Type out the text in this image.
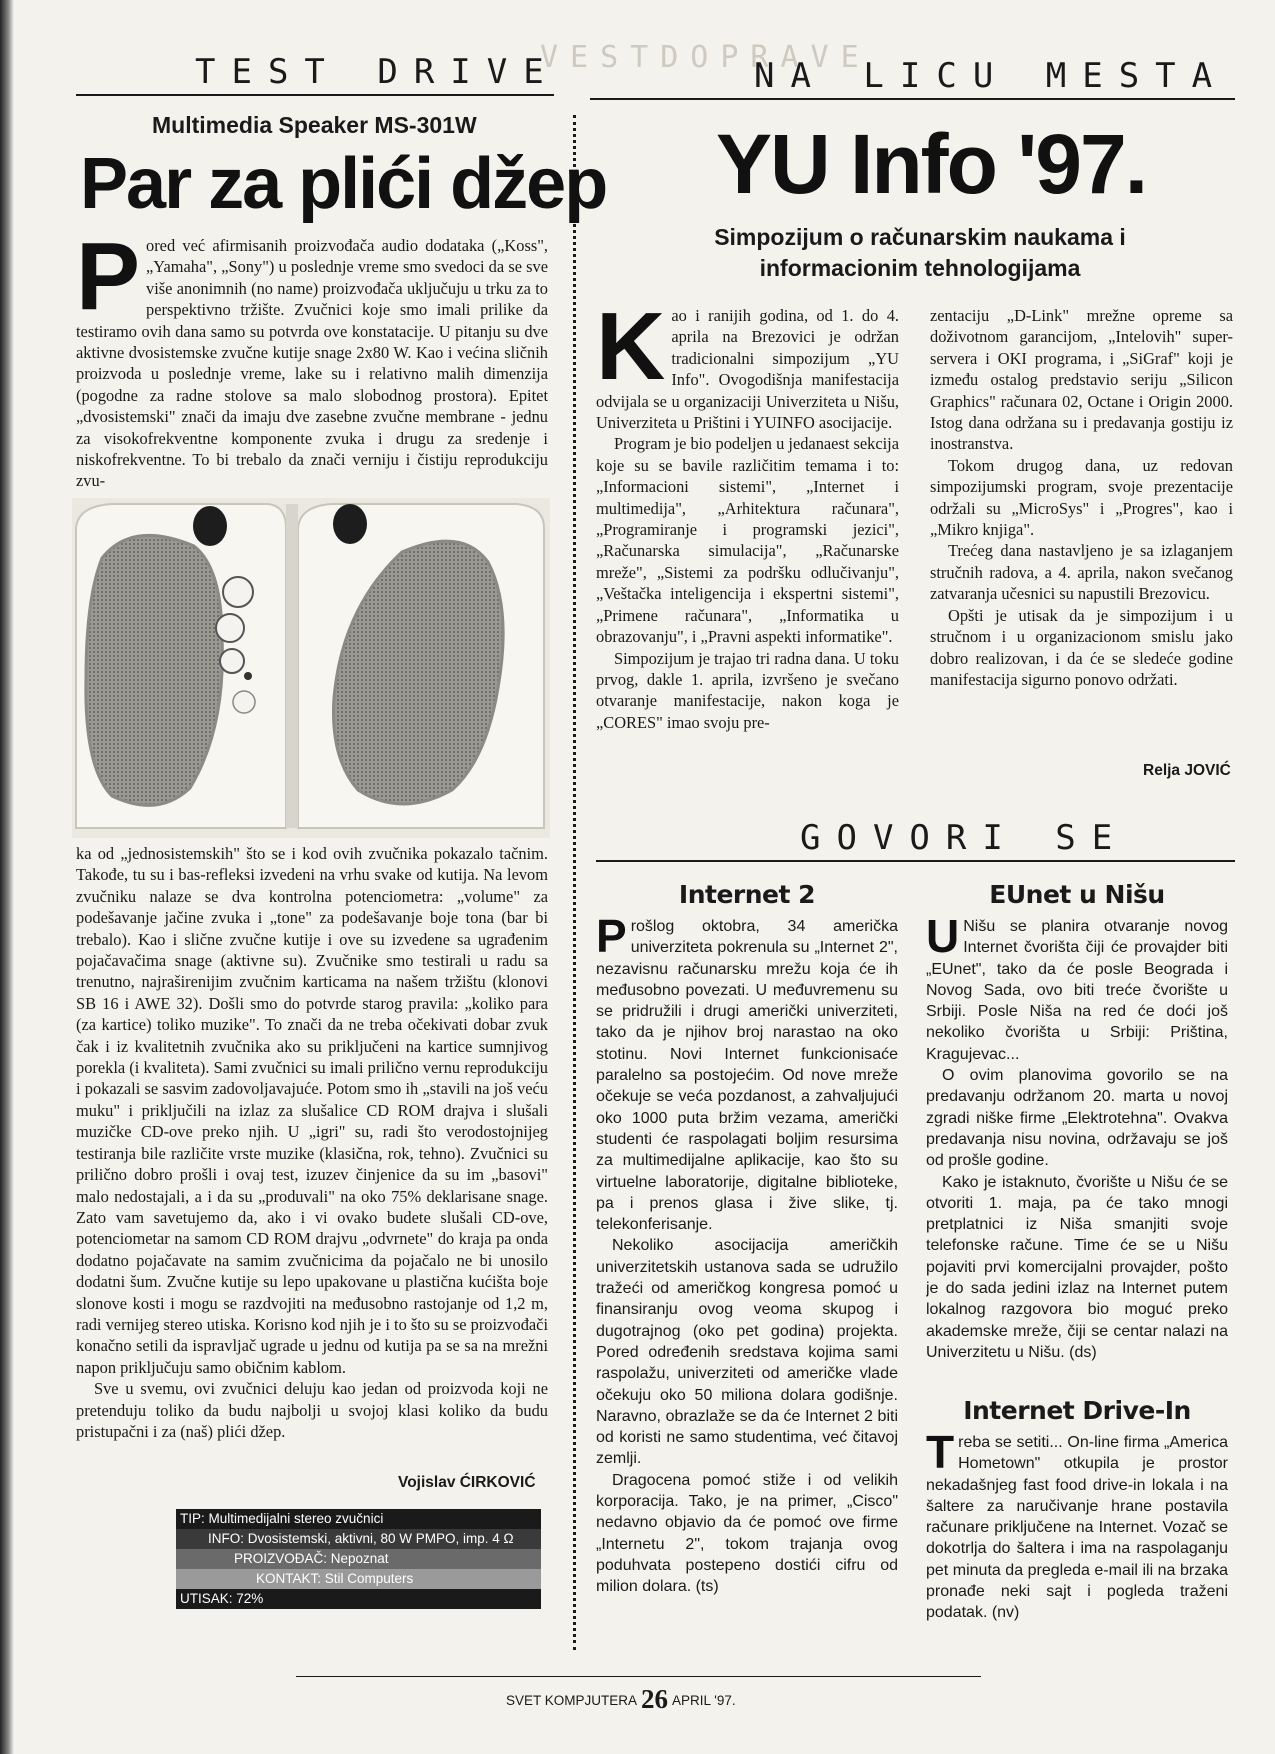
VESTDOPRAVE
TEST DRIVE	NA LICU MESTA
Multimedia Speaker MS-301W
Par za plići džep

Pored već afirmisanih proizvođača audio dodataka („Koss", „Yamaha", „Sony") u poslednje vreme smo svedoci da se sve više anonimnih (no name) proizvođača uključuju u trku za to perspektivno tržište. Zvučnici koje smo imali prilike da testiramo ovih dana samo su potvrda ove konstatacije. U pitanju su dve aktivne dvosistemske zvučne kutije snage 2x80 W. Kao i većina sličnih proizvoda u poslednje vreme, lake su i relativno malih dimenzija (pogodne za radne stolove sa malo slobodnog prostora). Epitet „dvosistemski" znači da imaju dve zasebne zvučne membrane - jednu za visokofrekventne komponente zvuka i drugu za sredenje i niskofrekventne. To bi trebalo da znači verniju i čistiju reprodukciju zvu-

ka od „jednosistemskih" što se i kod ovih zvučnika pokazalo tačnim. Takođe, tu su i bas-refleksi izvedeni na vrhu svake od kutija. Na levom zvučniku nalaze se dva kontrolna potenciometra: „volume" za podešavanje jačine zvuka i „tone" za podešavanje boje tona (bar bi trebalo). Kao i slične zvučne kutije i ove su izvedene sa ugrađenim pojačavačima snage (aktivne su). Zvučnike smo testirali u radu sa trenutno, najraširenijim zvučnim karticama na našem tržištu (klonovi SB 16 i AWE 32). Došli smo do potvrde starog pravila: „koliko para (za kartice) toliko muzike". To znači da ne treba očekivati dobar zvuk čak i iz kvalitetnih zvučnika ako su priključeni na kartice sumnjivog porekla (i kvaliteta). Sami zvučnici su imali prilično vernu reprodukciju i pokazali se sasvim zadovoljavajuće. Potom smo ih „stavili na još veću muku" i priključili na izlaz za slušalice CD ROM drajva i slušali muzičke CD-ove preko njih. U „igri" su, radi što verodostojnijeg testiranja bile različite vrste muzike (klasična, rok, tehno). Zvučnici su prilično dobro prošli i ovaj test, izuzev činjenice da su im „basovi" malo nedostajali, a i da su „produvali" na oko 75% deklarisane snage. Zato vam savetujemo da, ako i vi ovako budete slušali CD-ove, potenciometar na samom CD ROM drajvu „odvrnete" do kraja pa onda dodatno pojačavate na samim zvučnicima da pojačalo ne bi unosilo dodatni šum. Zvučne kutije su lepo upakovane u plastična kućišta boje slonove kosti i mogu se razdvojiti na međusobno rastojanje od 1,2 m, radi vernijeg stereo utiska. Korisno kod njih je i to što su se proizvođači konačno setili da ispravljač ugrade u jednu od kutija pa se sa na mrežni napon priključuju samo običnim kablom.

Sve u svemu, ovi zvučnici deluju kao jedan od proizvoda koji ne pretenduju toliko da budu najbolji u svojoj klasi koliko da budu pristupačni i za (naš) plići džep.

Vojislav ĆIRKOVIĆ
TIP: Multimedijalni stereo zvučnici
INFO: Dvosistemski, aktivni, 80 W PMPO, imp. 4 Ω
PROIZVOĐAČ: Nepoznat
KONTAKT: Stil Computers
UTISAK: 72%
YU Info '97.
Simpozijum o računarskim naukama i
informacionim tehnologijama

Kao i ranijih godina, od 1. do 4. aprila na Brezovici je održan tradicionalni simpozijum „YU Info". Ovogodišnja manifestacija odvijala se u organizaciji Univerziteta u Nišu, Univerziteta u Prištini i YUINFO asocijacije.

Program je bio podeljen u jedanaest sekcija koje su se bavile različitim temama i to: „Informacioni sistemi", „Internet i multimedija", „Arhitektura računara", „Programiranje i programski jezici", „Računarska simulacija", „Računarske mreže", „Sistemi za podršku odlučivanju", „Veštačka inteligencija i ekspertni sistemi", „Primene računara", „Informatika u obrazovanju", i „Pravni aspekti informatike".

Simpozijum je trajao tri radna dana. U toku prvog, dakle 1. aprila, izvršeno je svečano otvaranje manifestacije, nakon koga je „CORES" imao svoju pre-

zentaciju „D-Link" mrežne opreme sa doživotnom garancijom, „Intelovih" super-servera i OKI programa, i „SiGraf" koji je između ostalog predstavio seriju „Silicon Graphics" računara 02, Octane i Origin 2000. Istog dana održana su i predavanja gostiju iz inostranstva.

Tokom drugog dana, uz redovan simpozijumski program, svoje prezentacije održali su „MicroSys" i „Progres", kao i „Mikro knjiga".

Trećeg dana nastavljeno je sa izlaganjem stručnih radova, a 4. aprila, nakon svečanog zatvaranja učesnici su napustili Brezovicu.

Opšti je utisak da je simpozijum i u stručnom i u organizacionom smislu jako dobro realizovan, i da će se sledeće godine manifestacija sigurno ponovo održati.

Relja JOVIĆ
GOVORI SE
Internet 2

Prošlog oktobra, 34 američka univerziteta pokrenula su „Internet 2", nezavisnu računarsku mrežu koja će ih međusobno povezati. U međuvremenu su se pridružili i drugi američki univerziteti, tako da je njihov broj narastao na oko stotinu. Novi Internet funkcionisaće paralelno sa postojećim. Od nove mreže očekuje se veća pozdanost, a zahvaljujući oko 1000 puta bržim vezama, američki studenti će raspolagati boljim resursima za multimedijalne aplikacije, kao što su virtuelne laboratorije, digitalne biblioteke, pa i prenos glasa i žive slike, tj. telekonferisanje.

Nekoliko asocijacija američkih univerzitetskih ustanova sada se udružilo tražeći od američkog kongresa pomoć u finansiranju ovog veoma skupog i dugotrajnog (oko pet godina) projekta. Pored određenih sredstava kojima sami raspolažu, univerziteti od američke vlade očekuju oko 50 miliona dolara godišnje. Naravno, obrazlaže se da će Internet 2 biti od koristi ne samo studentima, već čitavoj zemlji.

Dragocena pomoć stiže i od velikih korporacija. Tako, je na primer, „Cisco" nedavno objavio da će pomoć ove firme „Internetu 2", tokom trajanja ovog poduhvata postepeno dostići cifru od milion dolara. (ts)

EUnet u Nišu

U Nišu se planira otvaranje novog Internet čvorišta čiji će provajder biti „EUnet", tako da će posle Beograda i Novog Sada, ovo biti treće čvorište u Srbiji. Posle Niša na red će doći još nekoliko čvorišta u Srbiji: Priština, Kragujevac...

O ovim planovima govorilo se na predavanju održanom 20. marta u novoj zgradi niške firme „Elektrotehna". Ovakva predavanja nisu novina, održavaju se još od prošle godine.

Kako je istaknuto, čvorište u Nišu će se otvoriti 1. maja, pa će tako mnogi pretplatnici iz Niša smanjiti svoje telefonske račune. Time će se u Nišu pojaviti prvi komercijalni provajder, pošto je do sada jedini izlaz na Internet putem lokalnog razgovora bio moguć preko akademske mreže, čiji se centar nalazi na Univerzitetu u Nišu. (ds)

Internet Drive-In

Treba se setiti... On-line firma „America Hometown" otkupila je prostor nekadašnjeg fast food drive-in lokala i na šaltere za naručivanje hrane postavila računare priključene na Internet. Vozač se dokotrlja do šaltera i ima na raspolaganju pet minuta da pregleda e-mail ili na brzaka pronađe neki sajt i pogleda traženi podatak. (nv)

SVET KOMPJUTERA 26 APRIL '97.
